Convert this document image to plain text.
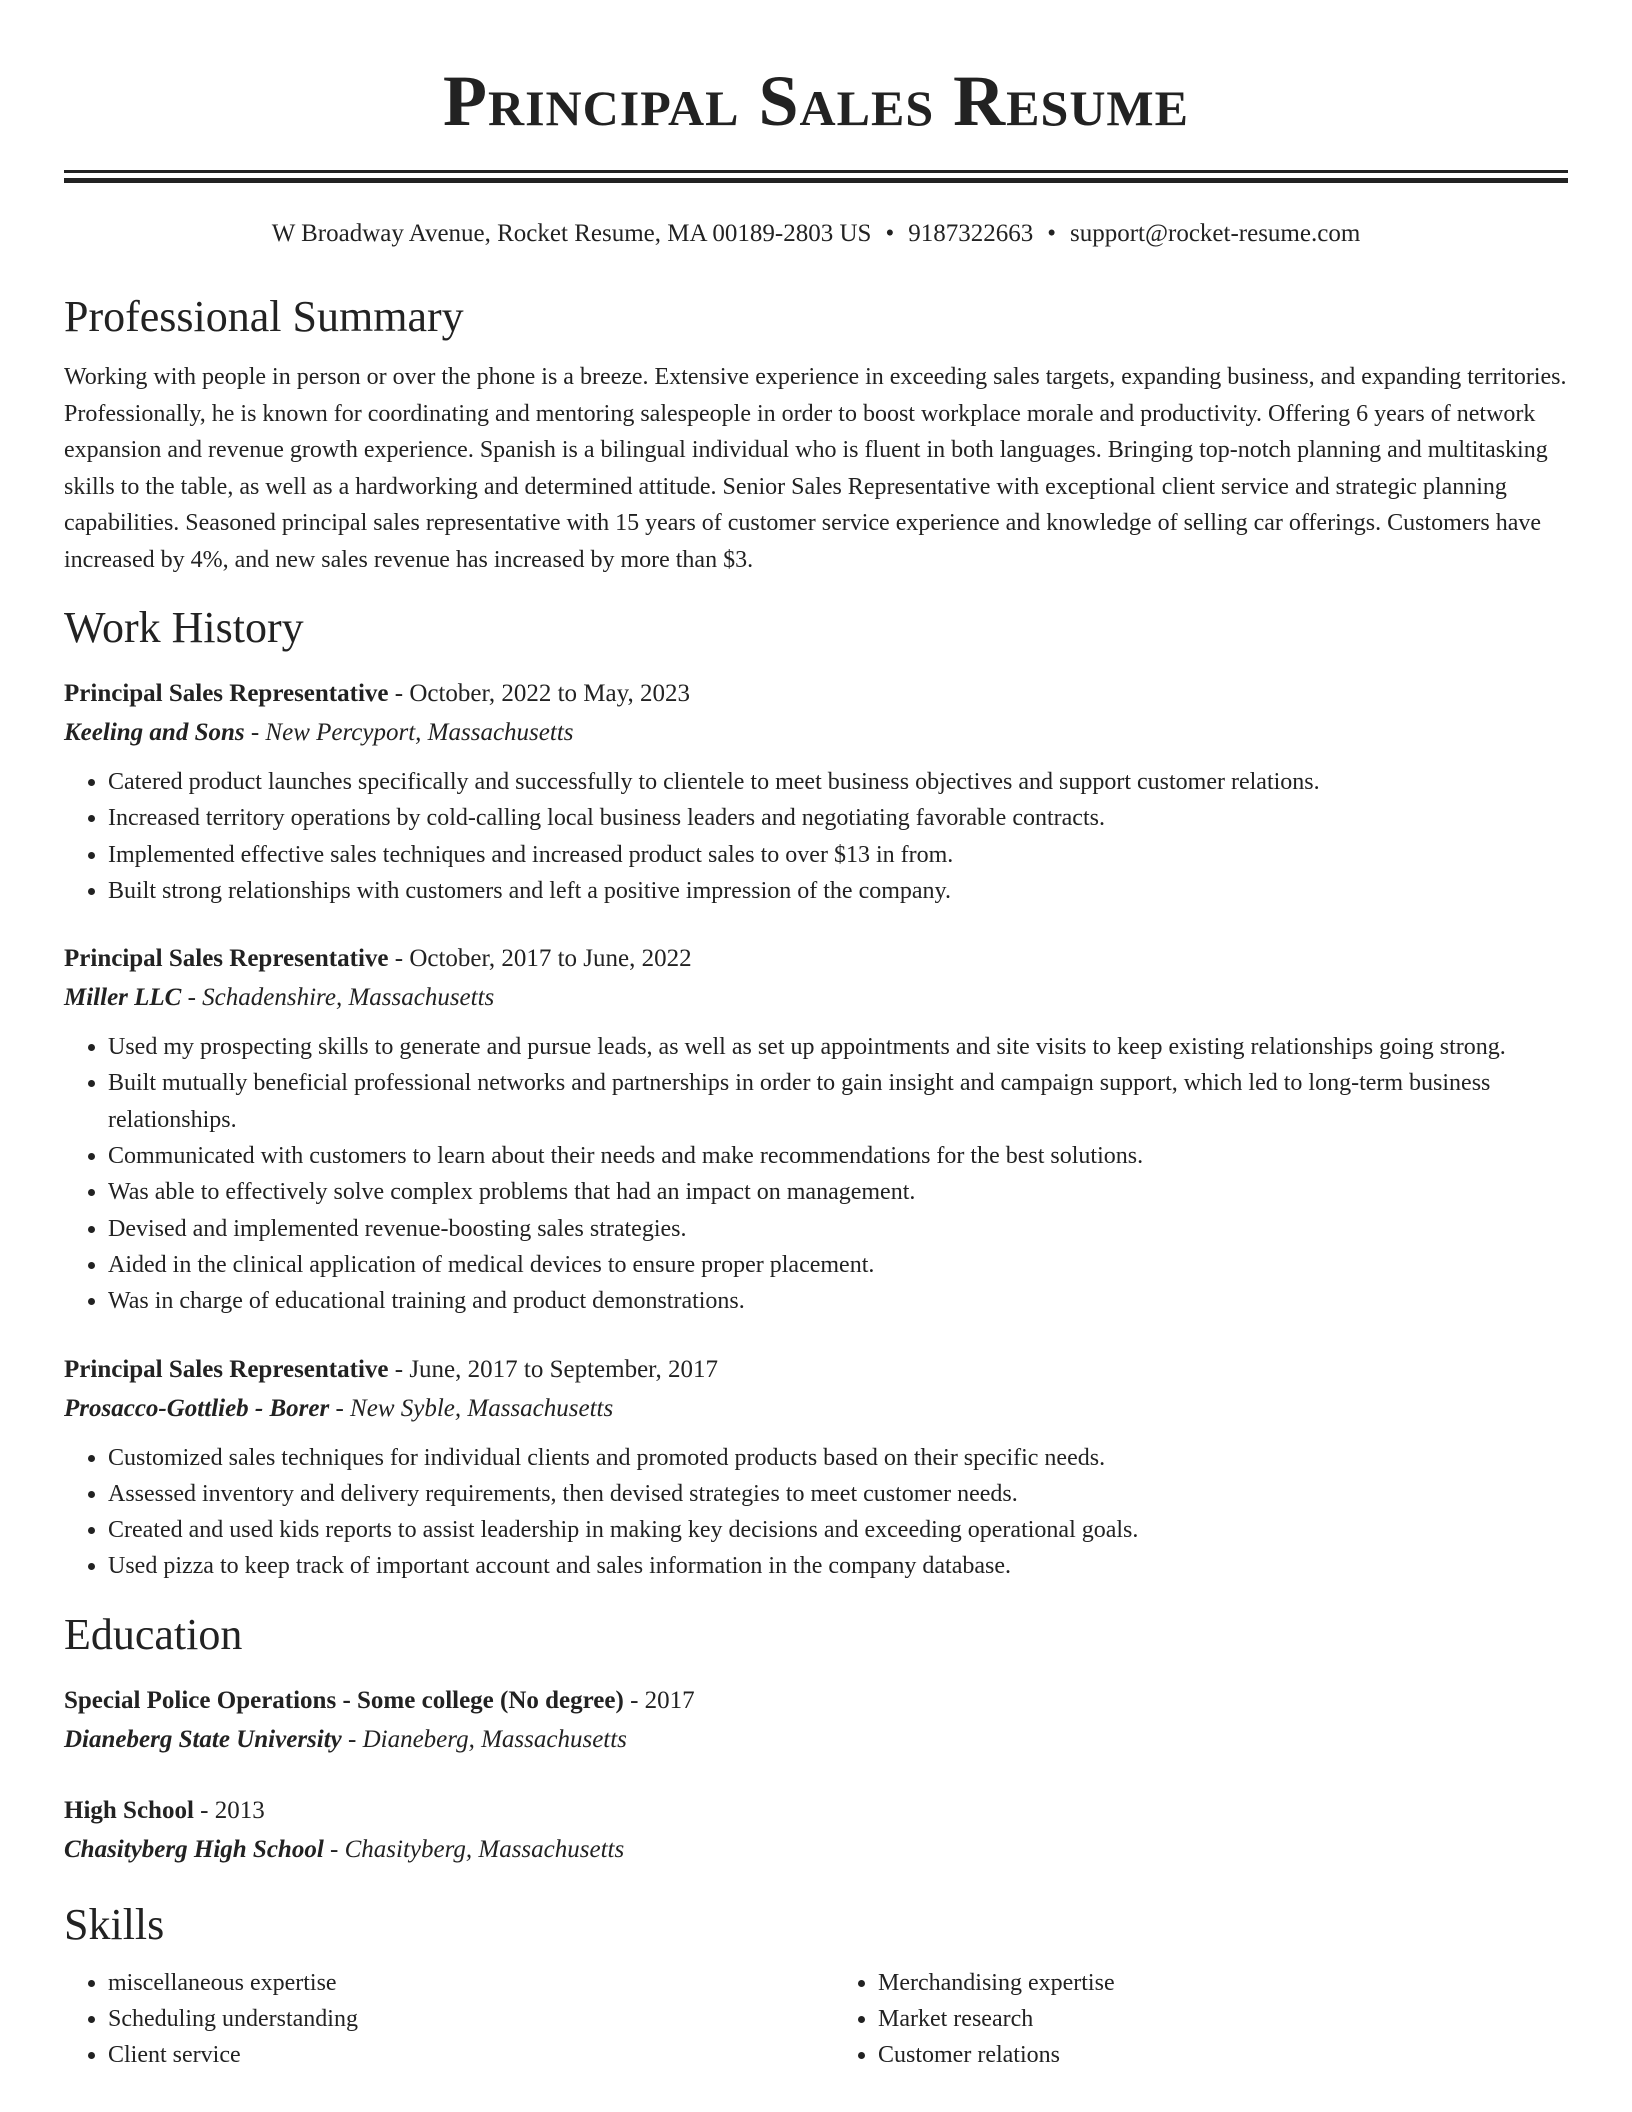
Principal Sales Resume
W Broadway Avenue, Rocket Resume, MA 00189-2803 US • 9187322663 • support@rocket-resume.com
Professional Summary

Working with people in person or over the phone is a breeze. Extensive experience in exceeding sales targets, expanding business, and expanding territories. Professionally, he is known for coordinating and mentoring salespeople in order to boost workplace morale and productivity. Offering 6 years of network expansion and revenue growth experience. Spanish is a bilingual individual who is fluent in both languages. Bringing top-notch planning and multitasking skills to the table, as well as a hardworking and determined attitude. Senior Sales Representative with exceptional client service and strategic planning capabilities. Seasoned principal sales representative with 15 years of customer service experience and knowledge of selling car offerings. Customers have increased by 4%, and new sales revenue has increased by more than $3.

Work History
Principal Sales Representative - October, 2022 to May, 2023
Keeling and Sons - New Percyport, Massachusetts
• Catered product launches specifically and successfully to clientele to meet business objectives and support customer relations.
• Increased territory operations by cold-calling local business leaders and negotiating favorable contracts.
• Implemented effective sales techniques and increased product sales to over $13 in from.
• Built strong relationships with customers and left a positive impression of the company.
Principal Sales Representative - October, 2017 to June, 2022
Miller LLC - Schadenshire, Massachusetts
• Used my prospecting skills to generate and pursue leads, as well as set up appointments and site visits to keep existing relationships going strong.
• Built mutually beneficial professional networks and partnerships in order to gain insight and campaign support, which led to long-term business relationships.
• Communicated with customers to learn about their needs and make recommendations for the best solutions.
• Was able to effectively solve complex problems that had an impact on management.
• Devised and implemented revenue-boosting sales strategies.
• Aided in the clinical application of medical devices to ensure proper placement.
• Was in charge of educational training and product demonstrations.
Principal Sales Representative - June, 2017 to September, 2017
Prosacco-Gottlieb - Borer - New Syble, Massachusetts
• Customized sales techniques for individual clients and promoted products based on their specific needs.
• Assessed inventory and delivery requirements, then devised strategies to meet customer needs.
• Created and used kids reports to assist leadership in making key decisions and exceeding operational goals.
• Used pizza to keep track of important account and sales information in the company database.
Education
Special Police Operations - Some college (No degree) - 2017
Dianeberg State University - Dianeberg, Massachusetts
High School - 2013
Chasityberg High School - Chasityberg, Massachusetts
Skills
• miscellaneous expertise
• Scheduling understanding
• Client service
• Merchandising expertise
• Market research
• Customer relations
